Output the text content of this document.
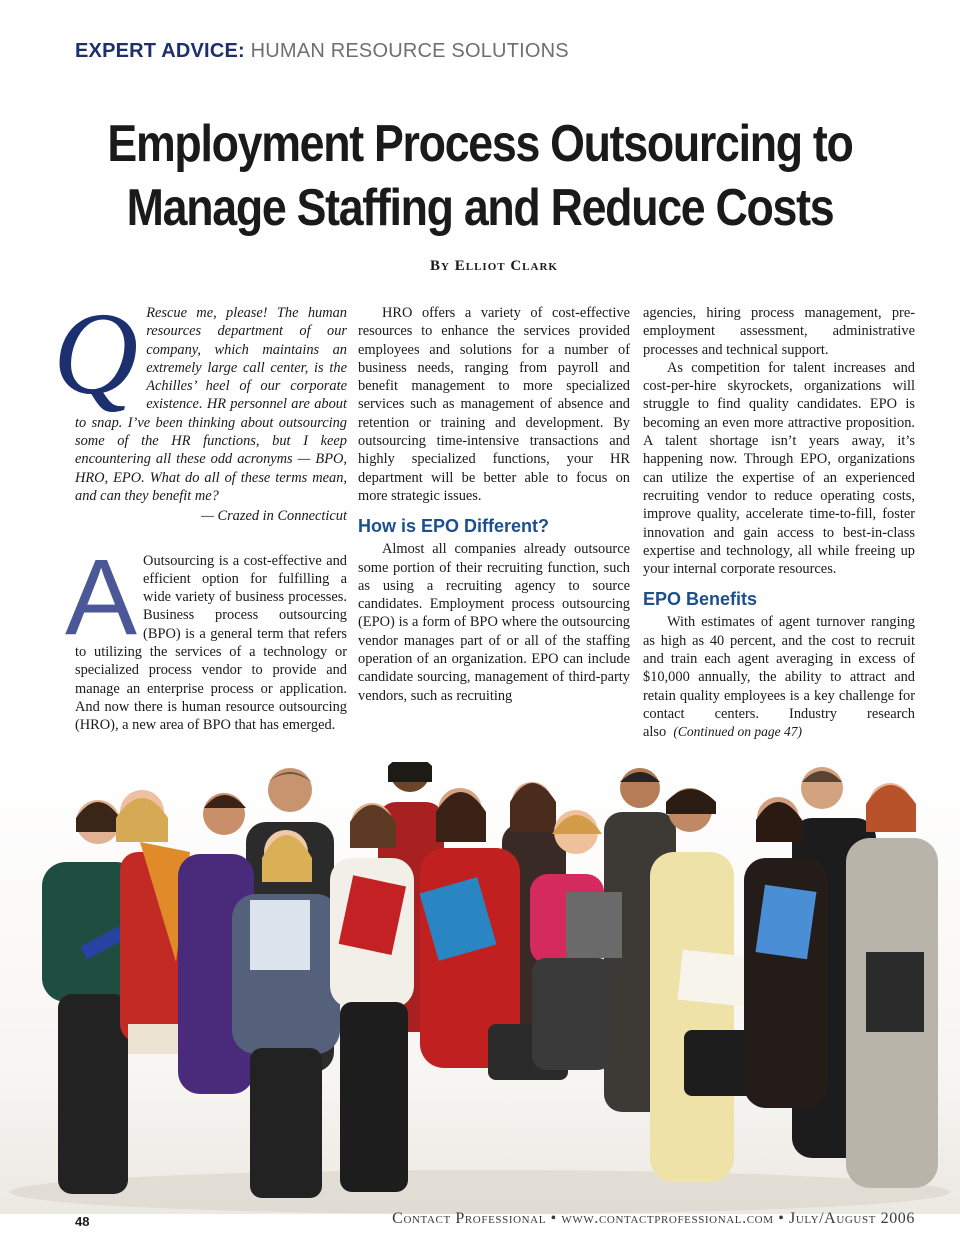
EXPERT ADVICE: HUMAN RESOURCE SOLUTIONS
Employment Process Outsourcing to
Manage Staffing and Reduce Costs
By Elliot Clark

Q Rescue me, please! The human resources department of our company, which maintains an extremely large call center, is the Achilles’ heel of our corporate existence. HR personnel are about to snap. I’ve been thinking about outsourcing some of the HR functions, but I keep encountering all these odd acronyms — BPO, HRO, EPO. What do all of these terms mean, and can they benefit me?

— Crazed in Connecticut

A Outsourcing is a cost-effective and efficient option for fulfilling a wide variety of business processes. Business process outsourcing (BPO) is a general term that refers to utilizing the services of a technology or specialized process vendor to provide and manage an enterprise process or application. And now there is human resource outsourcing (HRO), a new area of BPO that has emerged.

HRO offers a variety of cost-effective resources to enhance the services provided employees and solutions for a number of business needs, ranging from payroll and benefit management to more specialized services such as management of absence and retention or training and development. By outsourcing time-intensive transactions and highly specialized functions, your HR department will be better able to focus on more strategic issues.

How is EPO Different?

Almost all companies already outsource some portion of their recruiting function, such as using a recruiting agency to source candidates. Employment process outsourcing (EPO) is a form of BPO where the outsourcing vendor manages part of or all of the staffing operation of an organization. EPO can include candidate sourcing, management of third-party vendors, such as recruiting

agencies, hiring process management, pre-employment assessment, administrative processes and technical support.

As competition for talent increases and cost-per-hire skyrockets, organizations will struggle to find quality candidates. EPO is becoming an even more attractive proposition. A talent shortage isn’t years away, it’s happening now. Through EPO, organizations can utilize the expertise of an experienced recruiting vendor to reduce operating costs, improve quality, accelerate time-to-fill, foster innovation and gain access to best-in-class expertise and technology, all while freeing up your internal corporate resources.

EPO Benefits

With estimates of agent turnover ranging as high as 40 percent, and the cost to recruit and train each agent averaging in excess of $10,000 annually, the ability to attract and retain quality employees is a key challenge for contact centers. Industry research also (Continued on page 47)

48	Contact Professional • www.contactprofessional.com • July/August 2006
